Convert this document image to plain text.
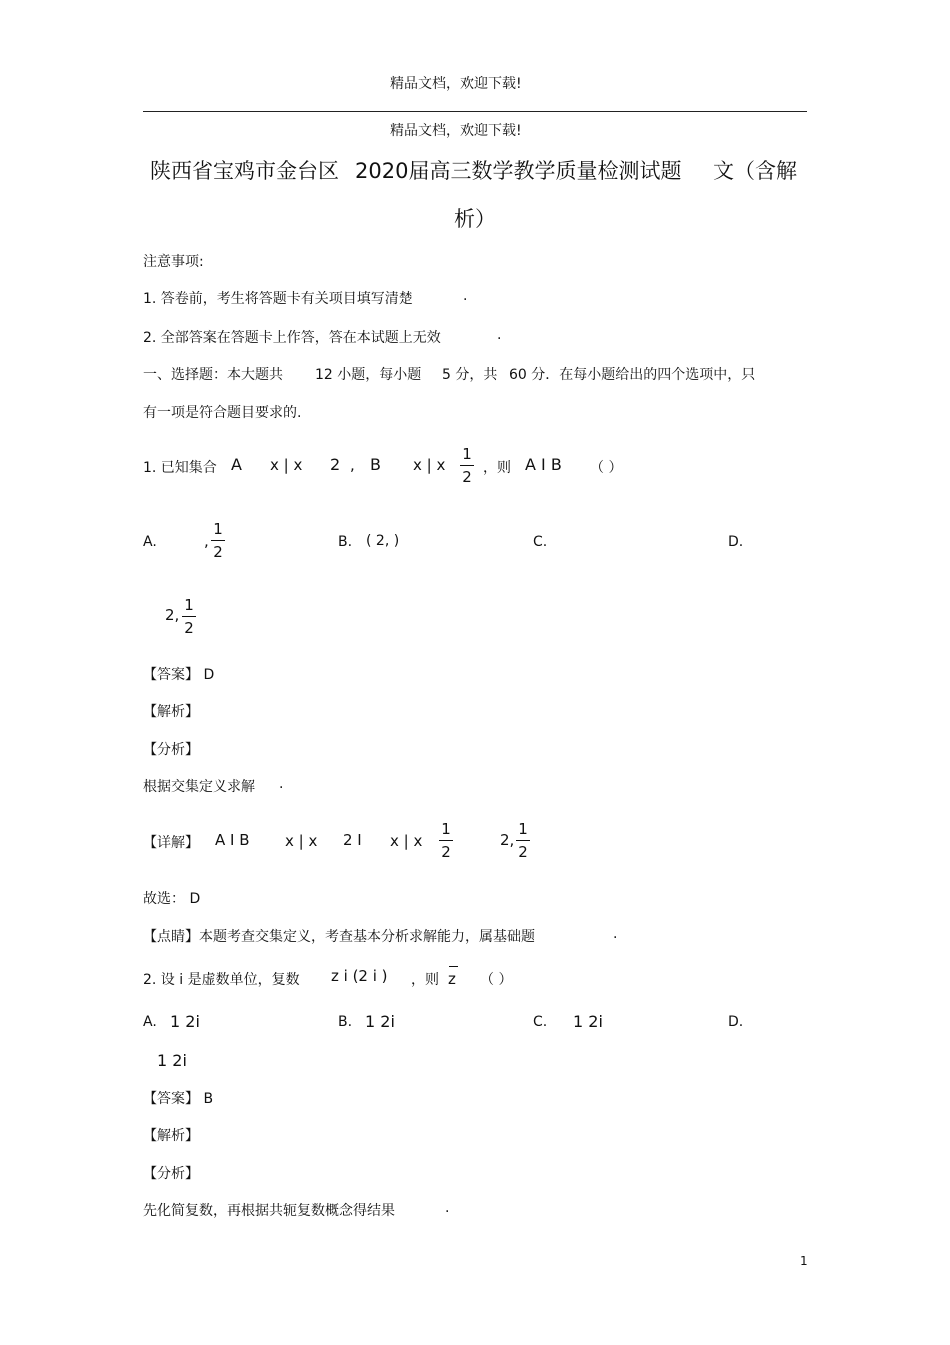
精品文档，欢迎下载!
精品文档，欢迎下载!
陕西省宝鸡市金台区 2020届高三数学教学质量检测试题 文（含解
析）
注意事项:
1. 答卷前，考生将答题卡有关项目填写清楚	.
2. 全部答案在答题卡上作答，答在本试题上无效	.
一、选择题：本大题共 12 小题，每小题 5 分，共 60 分．在每小题给出的四个选项中，只
有一项是符合题目要求的.
1. 已知集合 A x | x 2 , B x | x
1
2 ，则 A I B （ ）
A.	,
1
2
B. ( 2, )	C.	D.
2,
1
2
【答案】 D
【解析】
【分析】
根据交集定义求解 .
【详解】 A I B x | x 2 I x | x
1
2
2,
1
2
故选： D
【点睛】本题考查交集定义，考查基本分析求解能力，属基础题	.
2. 设 i 是虚数单位，复数 z i (2 i ) ，则 z （ ）
A. 1 2i	B. 1 2i	C. 1 2i	D.
1 2i
【答案】 B
【解析】
【分析】
先化简复数，再根据共轭复数概念得结果	.
1
